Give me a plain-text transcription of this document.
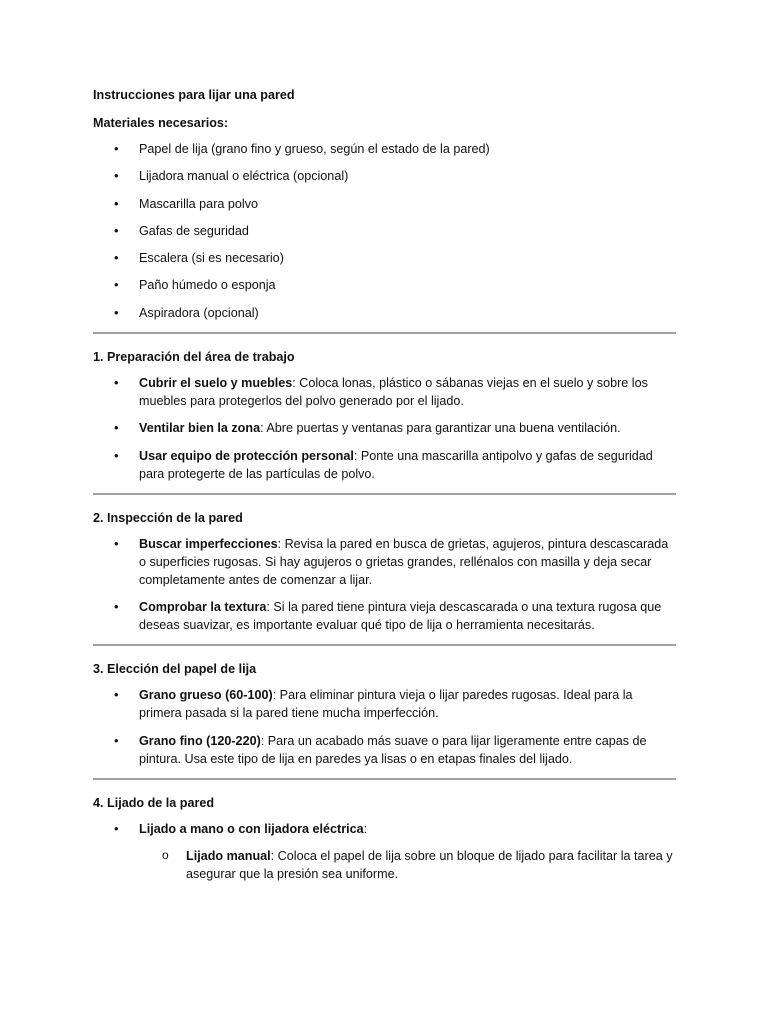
Instrucciones para lijar una pared

Materiales necesarios:

• Papel de lija (grano fino y grueso, según el estado de la pared)
• Lijadora manual o eléctrica (opcional)
• Mascarilla para polvo
• Gafas de seguridad
• Escalera (si es necesario)
• Paño húmedo o esponja
• Aspiradora (opcional)

1. Preparación del área de trabajo

• Cubrir el suelo y muebles: Coloca lonas, plástico o sábanas viejas en el suelo y sobre los muebles para protegerlos del polvo generado por el lijado.
• Ventilar bien la zona: Abre puertas y ventanas para garantizar una buena ventilación.
• Usar equipo de protección personal: Ponte una mascarilla antipolvo y gafas de seguridad para protegerte de las partículas de polvo.

2. Inspección de la pared

• Buscar imperfecciones: Revisa la pared en busca de grietas, agujeros, pintura descascarada o superficies rugosas. Si hay agujeros o grietas grandes, rellénalos con masilla y deja secar completamente antes de comenzar a lijar.
• Comprobar la textura: Si la pared tiene pintura vieja descascarada o una textura rugosa que deseas suavizar, es importante evaluar qué tipo de lija o herramienta necesitarás.

3. Elección del papel de lija

• Grano grueso (60-100): Para eliminar pintura vieja o lijar paredes rugosas. Ideal para la primera pasada si la pared tiene mucha imperfección.
• Grano fino (120-220): Para un acabado más suave o para lijar ligeramente entre capas de pintura. Usa este tipo de lija en paredes ya lisas o en etapas finales del lijado.

4. Lijado de la pared

• Lijado a mano o con lijadora eléctrica:
o Lijado manual: Coloca el papel de lija sobre un bloque de lijado para facilitar la tarea y asegurar que la presión sea uniforme.
